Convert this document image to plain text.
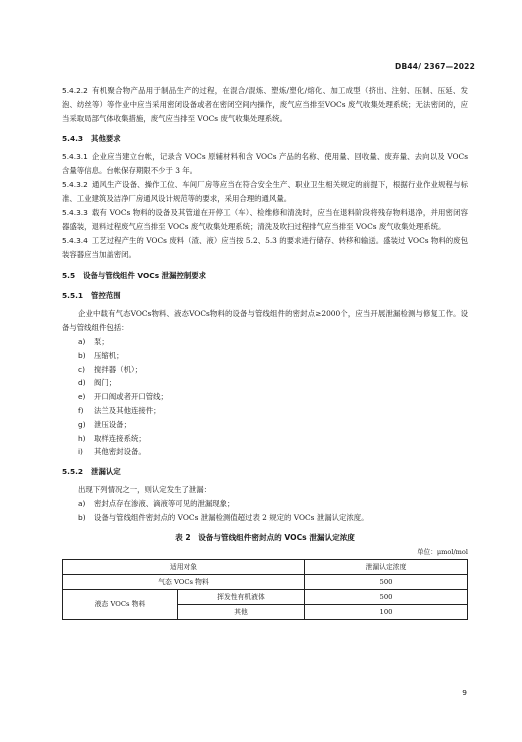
DB44/ 2367—2022

5.4.2.2 有机聚合物产品用于制品生产的过程，在混合/混炼、塑炼/塑化/熔化、加工成型（挤出、注射、压制、压延、发泡、纺丝等）等作业中应当采用密闭设备或者在密闭空间内操作，废气应当排至VOCs 废气收集处理系统；无法密闭的，应当采取局部气体收集措施，废气应当排至 VOCs 废气收集处理系统。

5.4.3 其他要求

5.4.3.1 企业应当建立台帐，记录含 VOCs 原辅材料和含 VOCs 产品的名称、使用量、回收量、废弃量、去向以及 VOCs 含量等信息。台帐保存期限不少于 3 年。

5.4.3.2 通风生产设备、操作工位、车间厂房等应当在符合安全生产、职业卫生相关规定的前提下，根据行业作业规程与标准、工业建筑及洁净厂房通风设计规范等的要求，采用合理的通风量。

5.4.3.3 载有 VOCs 物料的设备及其管道在开停工（车）、检维修和清洗时，应当在退料阶段将残存物料退净，并用密闭容器盛装，退料过程废气应当排至 VOCs 废气收集处理系统；清洗及吹扫过程排气应当排至 VOCs 废气收集处理系统。

5.4.3.4 工艺过程产生的 VOCs 废料（渣、液）应当按 5.2、5.3 的要求进行储存、转移和输送。盛装过 VOCs 物料的废包装容器应当加盖密闭。

5.5 设备与管线组件 VOCs 泄漏控制要求
5.5.1 管控范围

企业中载有气态VOCs物料、液态VOCs物料的设备与管线组件的密封点≥2000个，应当开展泄漏检测与修复工作。设备与管线组件包括：

a) 泵；
b) 压缩机；
c) 搅拌器（机）；
d) 阀门；
e) 开口阀或者开口管线；
f) 法兰及其他连接件；
g) 泄压设备；
h) 取样连接系统；
i) 其他密封设备。
5.5.2 泄漏认定

出现下列情况之一，则认定发生了泄漏：

a) 密封点存在渗液、滴液等可见的泄漏现象；
b) 设备与管线组件密封点的 VOCs 泄漏检测值超过表 2 规定的 VOCs 泄漏认定浓度。
表 2　设备与管线组件密封点的 VOCs 泄漏认定浓度
单位：μmol/mol
适用对象		泄漏认定浓度
气态 VOCs 物料		500
液态 VOCs 物料	挥发性有机液体	500
	其他	100
9
